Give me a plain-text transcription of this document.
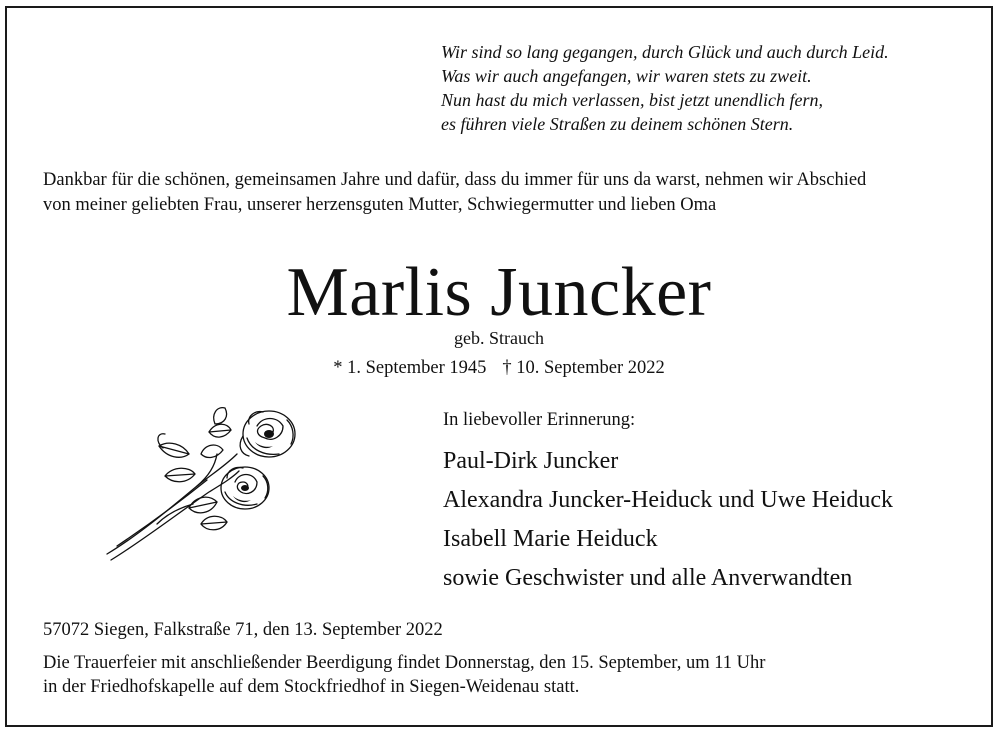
Wir sind so lang gegangen, durch Glück und auch durch Leid.
Was wir auch angefangen, wir waren stets zu zweit.
Nun hast du mich verlassen, bist jetzt unendlich fern,
es führen viele Straßen zu deinem schönen Stern.
Dankbar für die schönen, gemeinsamen Jahre und dafür, dass du immer für uns da warst, nehmen wir Abschied
von meiner geliebten Frau, unserer herzensguten Mutter, Schwiegermutter und lieben Oma
Marlis Juncker
geb. Strauch
* 1. September 1945 † 10. September 2022
In liebevoller Erinnerung:
Paul-Dirk Juncker
Alexandra Juncker-Heiduck und Uwe Heiduck
Isabell Marie Heiduck
sowie Geschwister und alle Anverwandten
57072 Siegen, Falkstraße 71, den 13. September 2022
Die Trauerfeier mit anschließender Beerdigung findet Donnerstag, den 15. September, um 11 Uhr
in der Friedhofskapelle auf dem Stockfriedhof in Siegen-Weidenau statt.
